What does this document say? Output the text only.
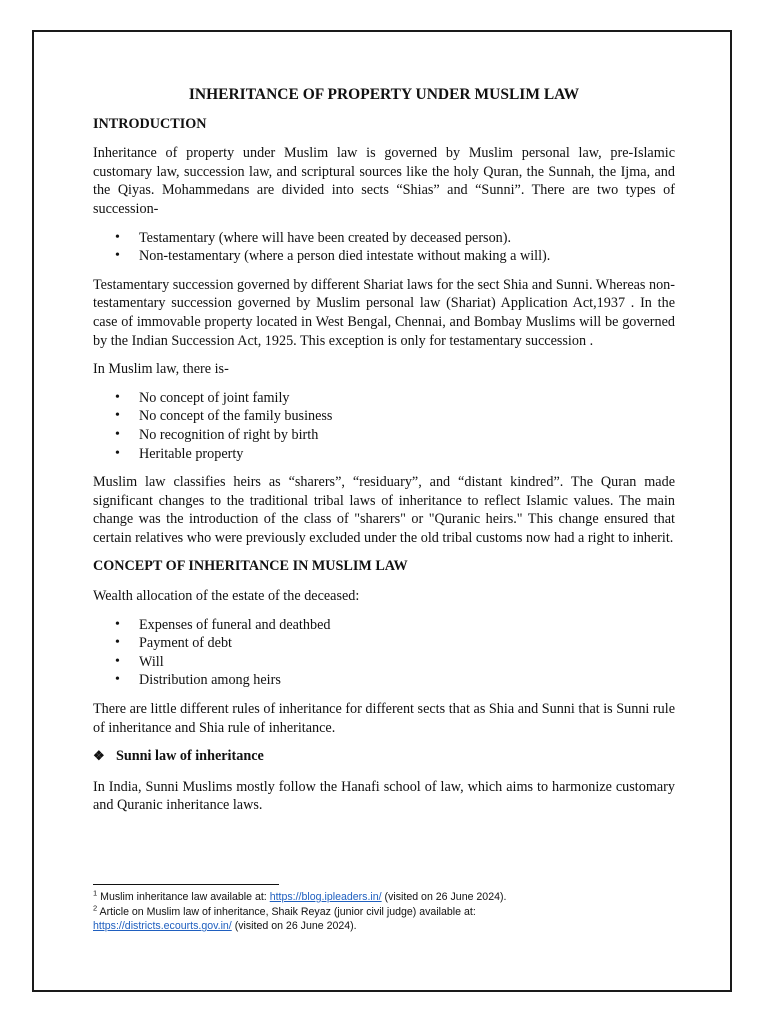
INHERITANCE OF PROPERTY UNDER MUSLIM LAW
INTRODUCTION

Inheritance of property under Muslim law is governed by Muslim personal law, pre-Islamic customary law, succession law, and scriptural sources like the holy Quran, the Sunnah, the Ijma, and the Qiyas. Mohammedans are divided into sects “Shias” and “Sunni”. There are two types of succession-

• Testamentary (where will have been created by deceased person).
• Non-testamentary (where a person died intestate without making a will).

Testamentary succession governed by different Shariat laws for the sect Shia and Sunni. Whereas non-testamentary succession governed by Muslim personal law (Shariat) Application Act,1937 . In the case of immovable property located in West Bengal, Chennai, and Bombay Muslims will be governed by the Indian Succession Act, 1925. This exception is only for testamentary succession .

In Muslim law, there is-

• No concept of joint family
• No concept of the family business
• No recognition of right by birth
• Heritable property

Muslim law classifies heirs as “sharers”, “residuary”, and “distant kindred”. The Quran made significant changes to the traditional tribal laws of inheritance to reflect Islamic values. The main change was the introduction of the class of "sharers" or "Quranic heirs." This change ensured that certain relatives who were previously excluded under the old tribal customs now had a right to inherit.

CONCEPT OF INHERITANCE IN MUSLIM LAW

Wealth allocation of the estate of the deceased:

• Expenses of funeral and deathbed
• Payment of debt
• Will
• Distribution among heirs

There are little different rules of inheritance for different sects that as Shia and Sunni that is Sunni rule of inheritance and Shia rule of inheritance.

❖ Sunni law of inheritance

In India, Sunni Muslims mostly follow the Hanafi school of law, which aims to harmonize customary and Quranic inheritance laws.

$^1$ Muslim inheritance law available at: https://blog.ipleaders.in/ (visited on 26 June 2024).
$^2$ Article on Muslim law of inheritance, Shaik Reyaz (junior civil judge) available at:
https://districts.ecourts.gov.in/ (visited on 26 June 2024).
